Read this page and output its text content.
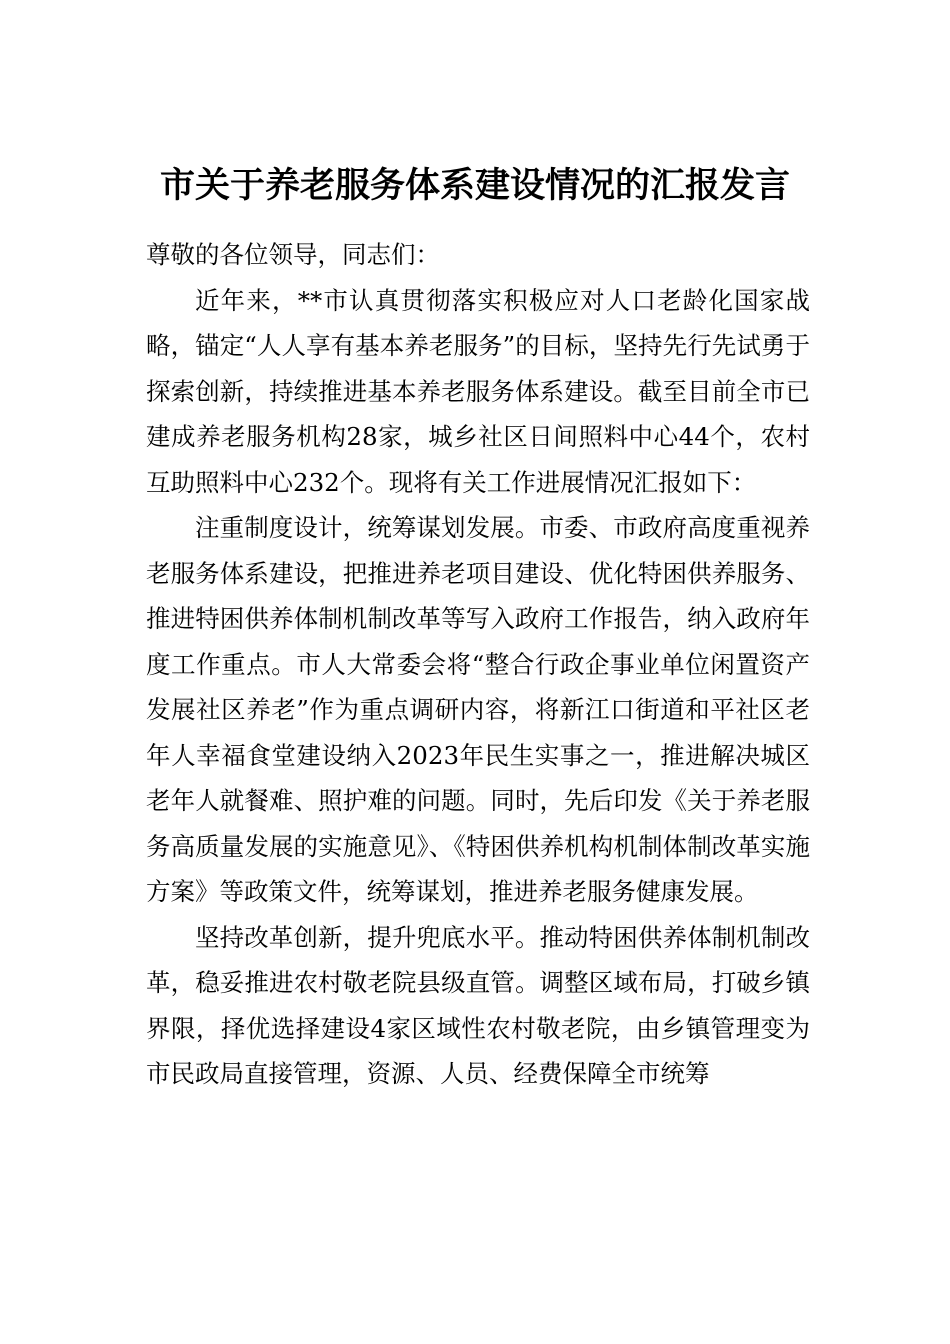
市关于养老服务体系建设情况的汇报发言

尊敬的各位领导，同志们：

近年来，**市认真贯彻落实积极应对人口老龄化国家战略，锚定“人人享有基本养老服务”的目标，坚持先行先试勇于探索创新，持续推进基本养老服务体系建设。截至目前全市已建成养老服务机构28家，城乡社区日间照料中心44个，农村互助照料中心232个。现将有关工作进展情况汇报如下：

注重制度设计，统筹谋划发展。市委、市政府高度重视养老服务体系建设，把推进养老项目建设、优化特困供养服务、推进特困供养体制机制改革等写入政府工作报告，纳入政府年度工作重点。市人大常委会将“整合行政企事业单位闲置资产发展社区养老”作为重点调研内容，将新江口街道和平社区老年人幸福食堂建设纳入2023年民生实事之一，推进解决城区老年人就餐难、照护难的问题。同时，先后印发《关于养老服务高质量发展的实施意见》、《特困供养机构机制体制改革实施方案》等政策文件，统筹谋划，推进养老服务健康发展。

坚持改革创新，提升兜底水平。推动特困供养体制机制改革，稳妥推进农村敬老院县级直管。调整区域布局，打破乡镇界限，择优选择建设4家区域性农村敬老院，由乡镇管理变为市民政局直接管理，资源、人员、经费保障全市统筹
